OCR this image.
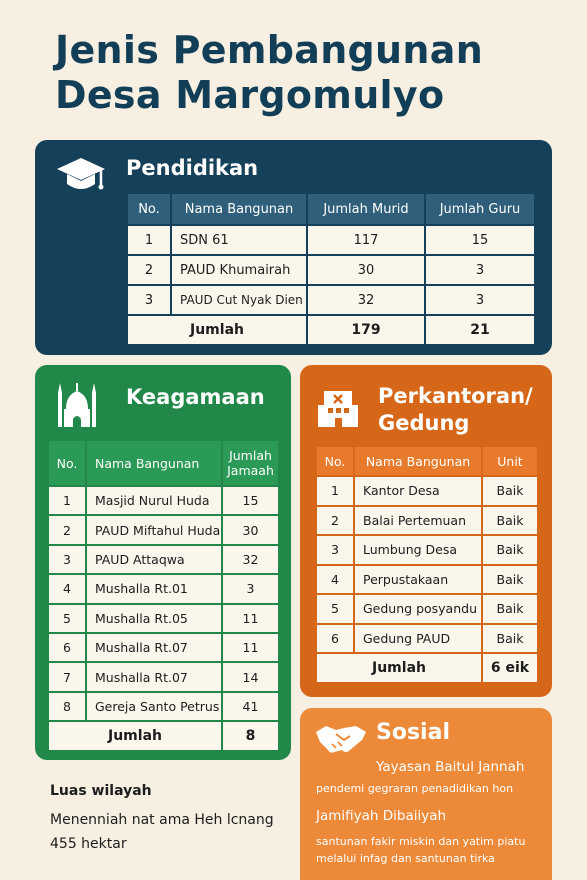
Jenis Pembangunan
Desa Margomulyo
Pendidikan
No.	Nama Bangunan	Jumlah Murid	Jumlah Guru
1	SDN 61	117	15
2	PAUD Khumairah	30	3
3	PAUD Cut Nyak Dien	32	3
Jumlah		179	21
Keagamaan
No.	Nama Bangunan	Jumlah Jamaah
1	Masjid Nurul Huda	15
2	PAUD Miftahul Huda	30
3	PAUD Attaqwa	32
4	Mushalla Rt.01	3
5	Mushalla Rt.05	11
6	Mushalla Rt.07	11
7	Mushalla Rt.07	14
8	Gereja Santo Petrus	41
Jumlah		8
Perkantoran/
Gedung
No.	Nama Bangunan	Unit
1	Kantor Desa	Baik
2	Balai Pertemuan	Baik
3	Lumbung Desa	Baik
4	Perpustakaan	Baik
5	Gedung posyandu	Baik
6	Gedung PAUD	Baik
Jumlah		6 eik
Sosial
Yayasan Baitul Jannah
pendemi gegraran penadidikan hon
Jamifiyah Dibaiiyah
santunan fakir miskin dan yatim piatu
melalui infag dan santunan tirka
Luas wilayah
Menenniah nat ama Heh lcnang
455 hektar
